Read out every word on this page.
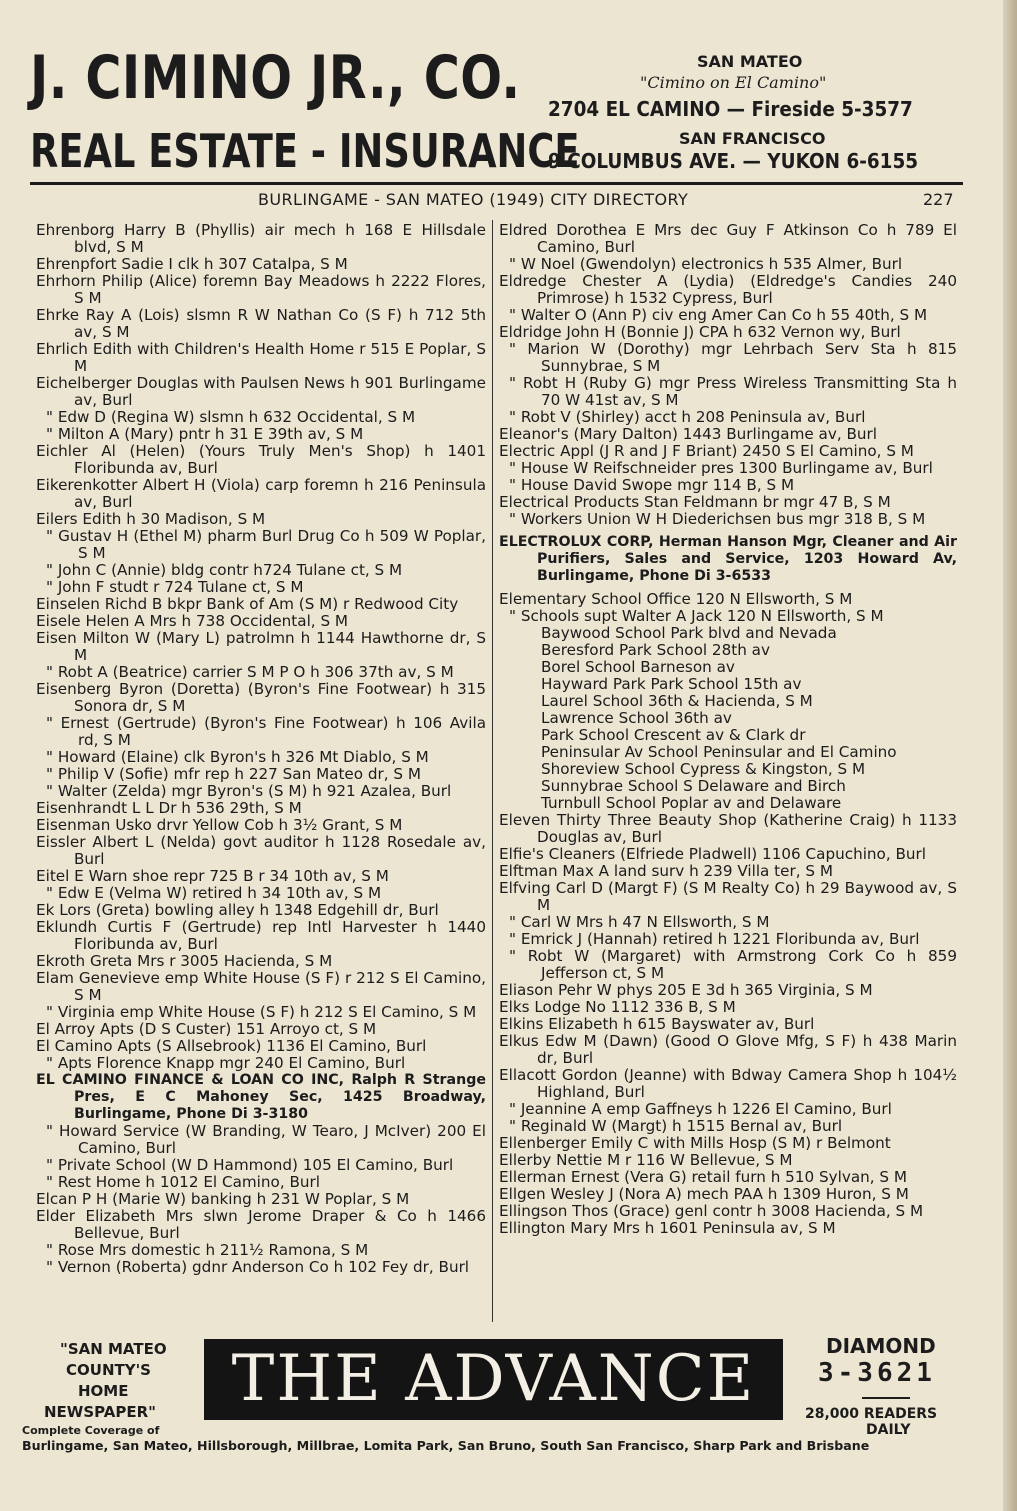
J. CIMINO JR., CO.
REAL ESTATE - INSURANCE
SAN MATEO
"Cimino on El Camino"
2704 EL CAMINO — Fireside 5-3577
SAN FRANCISCO
9 COLUMBUS AVE. — YUKON 6-6155
BURLINGAME - SAN MATEO (1949) CITY DIRECTORY	227

Ehrenborg Harry B (Phyllis) air mech h 168 E Hillsdale blvd, S M

Ehrenpfort Sadie I clk h 307 Catalpa, S M

Ehrhorn Philip (Alice) foremn Bay Meadows h 2222 Flores, S M

Ehrke Ray A (Lois) slsmn R W Nathan Co (S F) h 712 5th av, S M

Ehrlich Edith with Children's Health Home r 515 E Poplar, S M

Eichelberger Douglas with Paulsen News h 901 Burlingame av, Burl

" Edw D (Regina W) slsmn h 632 Occidental, S M

" Milton A (Mary) pntr h 31 E 39th av, S M

Eichler Al (Helen) (Yours Truly Men's Shop) h 1401 Floribunda av, Burl

Eikerenkotter Albert H (Viola) carp foremn h 216 Peninsula av, Burl

Eilers Edith h 30 Madison, S M

" Gustav H (Ethel M) pharm Burl Drug Co h 509 W Poplar, S M

" John C (Annie) bldg contr h724 Tulane ct, S M

" John F studt r 724 Tulane ct, S M

Einselen Richd B bkpr Bank of Am (S M) r Redwood City

Eisele Helen A Mrs h 738 Occidental, S M

Eisen Milton W (Mary L) patrolmn h 1144 Hawthorne dr, S M

" Robt A (Beatrice) carrier S M P O h 306 37th av, S M

Eisenberg Byron (Doretta) (Byron's Fine Footwear) h 315 Sonora dr, S M

" Ernest (Gertrude) (Byron's Fine Footwear) h 106 Avila rd, S M

" Howard (Elaine) clk Byron's h 326 Mt Diablo, S M

" Philip V (Sofie) mfr rep h 227 San Mateo dr, S M

" Walter (Zelda) mgr Byron's (S M) h 921 Azalea, Burl

Eisenhrandt L L Dr h 536 29th, S M

Eisenman Usko drvr Yellow Cob h 3½ Grant, S M

Eissler Albert L (Nelda) govt auditor h 1128 Rosedale av, Burl

Eitel E Warn shoe repr 725 B r 34 10th av, S M

" Edw E (Velma W) retired h 34 10th av, S M

Ek Lors (Greta) bowling alley h 1348 Edgehill dr, Burl

Eklundh Curtis F (Gertrude) rep Intl Harvester h 1440 Floribunda av, Burl

Ekroth Greta Mrs r 3005 Hacienda, S M

Elam Genevieve emp White House (S F) r 212 S El Camino, S M

" Virginia emp White House (S F) h 212 S El Camino, S M

El Arroy Apts (D S Custer) 151 Arroyo ct, S M

El Camino Apts (S Allsebrook) 1136 El Camino, Burl

" Apts Florence Knapp mgr 240 El Camino, Burl

EL CAMINO FINANCE & LOAN CO INC, Ralph R Strange Pres, E C Mahoney Sec, 1425 Broadway, Burlingame, Phone Di 3-3180

" Howard Service (W Branding, W Tearo, J McIver) 200 El Camino, Burl

" Private School (W D Hammond) 105 El Camino, Burl

" Rest Home h 1012 El Camino, Burl

Elcan P H (Marie W) banking h 231 W Poplar, S M

Elder Elizabeth Mrs slwn Jerome Draper & Co h 1466 Bellevue, Burl

" Rose Mrs domestic h 211½ Ramona, S M

" Vernon (Roberta) gdnr Anderson Co h 102 Fey dr, Burl

Eldred Dorothea E Mrs dec Guy F Atkinson Co h 789 El Camino, Burl

" W Noel (Gwendolyn) electronics h 535 Almer, Burl

Eldredge Chester A (Lydia) (Eldredge's Candies 240 Primrose) h 1532 Cypress, Burl

" Walter O (Ann P) civ eng Amer Can Co h 55 40th, S M

Eldridge John H (Bonnie J) CPA h 632 Vernon wy, Burl

" Marion W (Dorothy) mgr Lehrbach Serv Sta h 815 Sunnybrae, S M

" Robt H (Ruby G) mgr Press Wireless Transmitting Sta h 70 W 41st av, S M

" Robt V (Shirley) acct h 208 Peninsula av, Burl

Eleanor's (Mary Dalton) 1443 Burlingame av, Burl

Electric Appl (J R and J F Briant) 2450 S El Camino, S M

" House W Reifschneider pres 1300 Burlingame av, Burl

" House David Swope mgr 114 B, S M

Electrical Products Stan Feldmann br mgr 47 B, S M

" Workers Union W H Diederichsen bus mgr 318 B, S M

ELECTROLUX CORP, Herman Hanson Mgr, Cleaner and Air Purifiers, Sales and Service, 1203 Howard Av, Burlingame, Phone Di 3-6533

Elementary School Office 120 N Ellsworth, S M

" Schools supt Walter A Jack 120 N Ellsworth, S M

Baywood School Park blvd and Nevada

Beresford Park School 28th av

Borel School Barneson av

Hayward Park Park School 15th av

Laurel School 36th & Hacienda, S M

Lawrence School 36th av

Park School Crescent av & Clark dr

Peninsular Av School Peninsular and El Camino

Shoreview School Cypress & Kingston, S M

Sunnybrae School S Delaware and Birch

Turnbull School Poplar av and Delaware

Eleven Thirty Three Beauty Shop (Katherine Craig) h 1133 Douglas av, Burl

Elfie's Cleaners (Elfriede Pladwell) 1106 Capuchino, Burl

Elftman Max A land surv h 239 Villa ter, S M

Elfving Carl D (Margt F) (S M Realty Co) h 29 Baywood av, S M

" Carl W Mrs h 47 N Ellsworth, S M

" Emrick J (Hannah) retired h 1221 Floribunda av, Burl

" Robt W (Margaret) with Armstrong Cork Co h 859 Jefferson ct, S M

Eliason Pehr W phys 205 E 3d h 365 Virginia, S M

Elks Lodge No 1112 336 B, S M

Elkins Elizabeth h 615 Bayswater av, Burl

Elkus Edw M (Dawn) (Good O Glove Mfg, S F) h 438 Marin dr, Burl

Ellacott Gordon (Jeanne) with Bdway Camera Shop h 104½ Highland, Burl

" Jeannine A emp Gaffneys h 1226 El Camino, Burl

" Reginald W (Margt) h 1515 Bernal av, Burl

Ellenberger Emily C with Mills Hosp (S M) r Belmont

Ellerby Nettie M r 116 W Bellevue, S M

Ellerman Ernest (Vera G) retail furn h 510 Sylvan, S M

Ellgen Wesley J (Nora A) mech PAA h 1309 Huron, S M

Ellingson Thos (Grace) genl contr h 3008 Hacienda, S M

Ellington Mary Mrs h 1601 Peninsula av, S M

"SAN MATEO
COUNTY'S
HOME
NEWSPAPER"
Complete Coverage of
THE ADVANCE	DIAMOND
3-3621
28,000 READERS
DAILY
Burlingame, San Mateo, Hillsborough, Millbrae, Lomita Park, San Bruno, South San Francisco, Sharp Park and Brisbane
